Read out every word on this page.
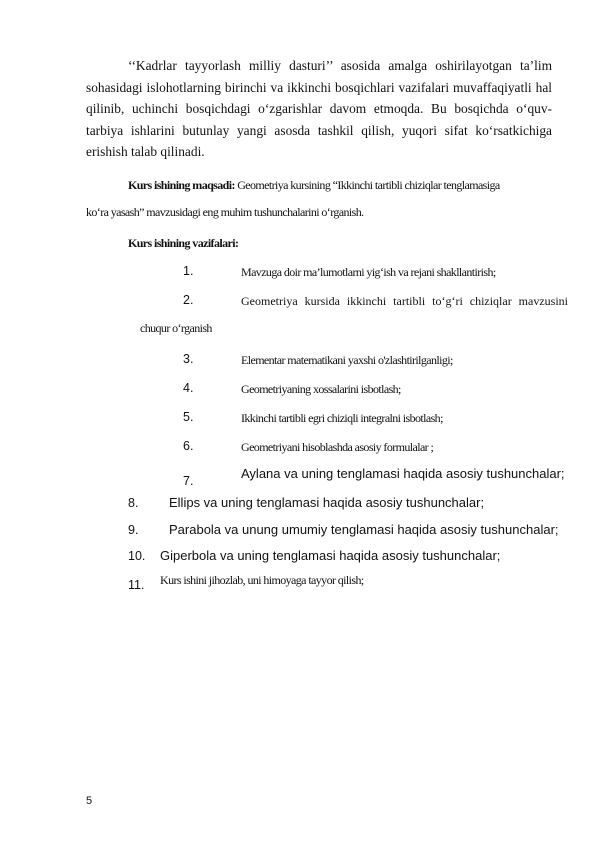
‘‘Kadrlar tayyorlash milliy dasturi’’ asosida amalga oshirilayotgan ta’lim sohasidagi islohotlarning birinchi va ikkinchi bosqichlari vazifalari muvaffaqiyatli hal qilinib, uchinchi bosqichdagi o‘zgarishlar davom etmoqda. Bu bosqichda o‘quv-tarbiya ishlarini butunlay yangi asosda tashkil qilish, yuqori sifat ko‘rsatkichiga erishish talab qilinadi.
Kurs ishining maqsadi: Geometriya kursining “Ikkinchi tartibli chiziqlar tenglamasiga
ko‘ra yasash” mavzusidagi eng muhim tushunchalarini o‘rganish.
Kurs ishining vazifalari:
1.	Mavzuga doir ma’lumotlarni yig‘ish va rejani shakllantirish;
2.	Geometriya kursida ikkinchi tartibli to‘g‘ri chiziqlar mavzusini
chuqur o‘rganish
3.	Elementar matematikani yaxshi o'zlashtirilganligi;
4.	Geometriyaning xossalarini isbotlash;
5.	Ikkinchi tartibli egri chiziqli integralni isbotlash;
6.	Geometriyani hisoblashda asosiy formulalar ;
7.	Aylana va uning tenglamasi haqida asosiy tushunchalar;
8. Ellips va uning tenglamasi haqida asosiy tushunchalar;
9. Parabola va unung umumiy tenglamasi haqida asosiy tushunchalar;
10. Giperbola va uning tenglamasi haqida asosiy tushunchalar;
11. Kurs ishini jihozlab, uni himoyaga tayyor qilish;
5
